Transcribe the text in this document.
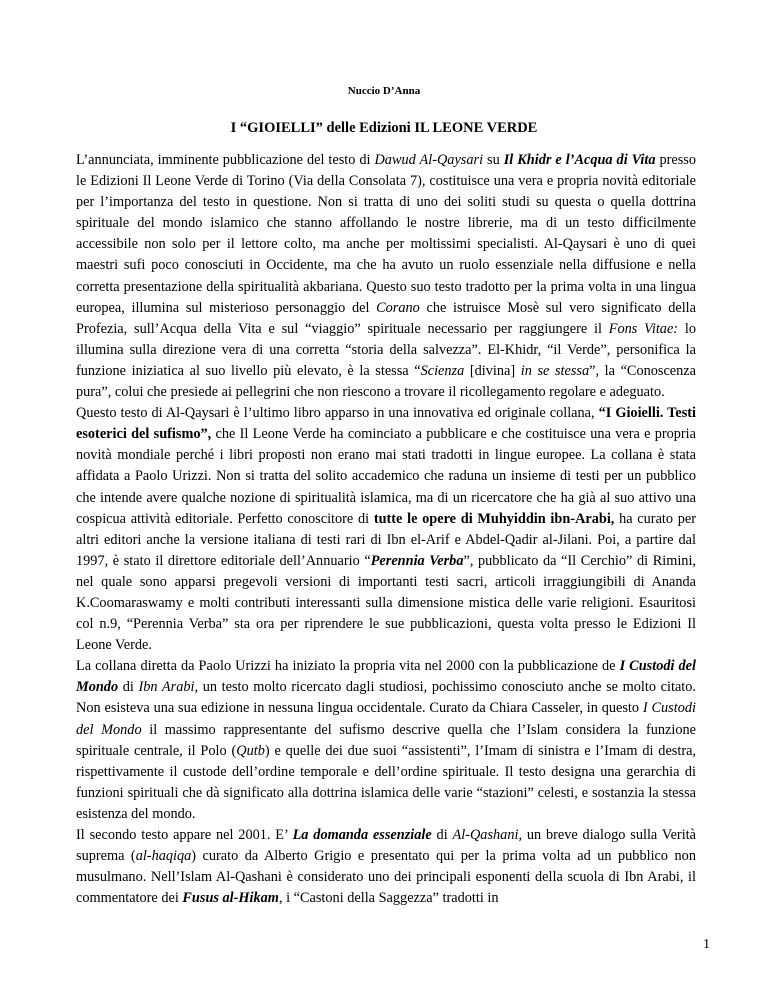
Nuccio D’Anna
I “GIOIELLI” delle Edizioni IL LEONE VERDE

L’annunciata, imminente pubblicazione del testo di Dawud Al-Qaysari su Il Khidr e l’Acqua di Vita presso le Edizioni Il Leone Verde di Torino (Via della Consolata 7), costituisce una vera e propria novità editoriale per l’importanza del testo in questione. Non si tratta di uno dei soliti studi su questa o quella dottrina spirituale del mondo islamico che stanno affollando le nostre librerie, ma di un testo difficilmente accessibile non solo per il lettore colto, ma anche per moltissimi specialisti. Al-Qaysari è uno di quei maestri sufi poco conosciuti in Occidente, ma che ha avuto un ruolo essenziale nella diffusione e nella corretta presentazione della spiritualità akbariana. Questo suo testo tradotto per la prima volta in una lingua europea, illumina sul misterioso personaggio del Corano che istruisce Mosè sul vero significato della Profezia, sull’Acqua della Vita e sul “viaggio” spirituale necessario per raggiungere il Fons Vitae: lo illumina sulla direzione vera di una corretta “storia della salvezza”. El-Khidr, “il Verde”, personifica la funzione iniziatica al suo livello più elevato, è la stessa “Scienza [divina] in se stessa”, la “Conoscenza pura”, colui che presiede ai pellegrini che non riescono a trovare il ricollegamento regolare e adeguato.

Questo testo di Al-Qaysari è l’ultimo libro apparso in una innovativa ed originale collana, “I Gioielli. Testi esoterici del sufismo”, che Il Leone Verde ha cominciato a pubblicare e che costituisce una vera e propria novità mondiale perché i libri proposti non erano mai stati tradotti in lingue europee. La collana è stata affidata a Paolo Urizzi. Non si tratta del solito accademico che raduna un insieme di testi per un pubblico che intende avere qualche nozione di spiritualità islamica, ma di un ricercatore che ha già al suo attivo una cospicua attività editoriale. Perfetto conoscitore di tutte le opere di Muhyiddin ibn-Arabi, ha curato per altri editori anche la versione italiana di testi rari di Ibn el-Arif e Abdel-Qadir al-Jilani. Poi, a partire dal 1997, è stato il direttore editoriale dell’Annuario “Perennia Verba”, pubblicato da “Il Cerchio” di Rimini, nel quale sono apparsi pregevoli versioni di importanti testi sacri, articoli irraggiungibili di Ananda K.Coomaraswamy e molti contributi interessanti sulla dimensione mistica delle varie religioni. Esauritosi col n.9, “Perennia Verba” sta ora per riprendere le sue pubblicazioni, questa volta presso le Edizioni Il Leone Verde.

La collana diretta da Paolo Urizzi ha iniziato la propria vita nel 2000 con la pubblicazione de I Custodi del Mondo di Ibn Arabi, un testo molto ricercato dagli studiosi, pochissimo conosciuto anche se molto citato. Non esisteva una sua edizione in nessuna lingua occidentale. Curato da Chiara Casseler, in questo I Custodi del Mondo il massimo rappresentante del sufismo descrive quella che l’Islam considera la funzione spirituale centrale, il Polo (Qutb) e quelle dei due suoi “assistenti”, l’Imam di sinistra e l’Imam di destra, rispettivamente il custode dell’ordine temporale e dell’ordine spirituale. Il testo designa una gerarchia di funzioni spirituali che dà significato alla dottrina islamica delle varie “stazioni” celesti, e sostanzia la stessa esistenza del mondo.

Il secondo testo appare nel 2001. E’ La domanda essenziale di Al-Qashani, un breve dialogo sulla Verità suprema (al-haqiqa) curato da Alberto Grigio e presentato qui per la prima volta ad un pubblico non musulmano. Nell’Islam Al-Qashani è considerato uno dei principali esponenti della scuola di Ibn Arabi, il commentatore dei Fusus al-Hikam, i “Castoni della Saggezza” tradotti in

1
